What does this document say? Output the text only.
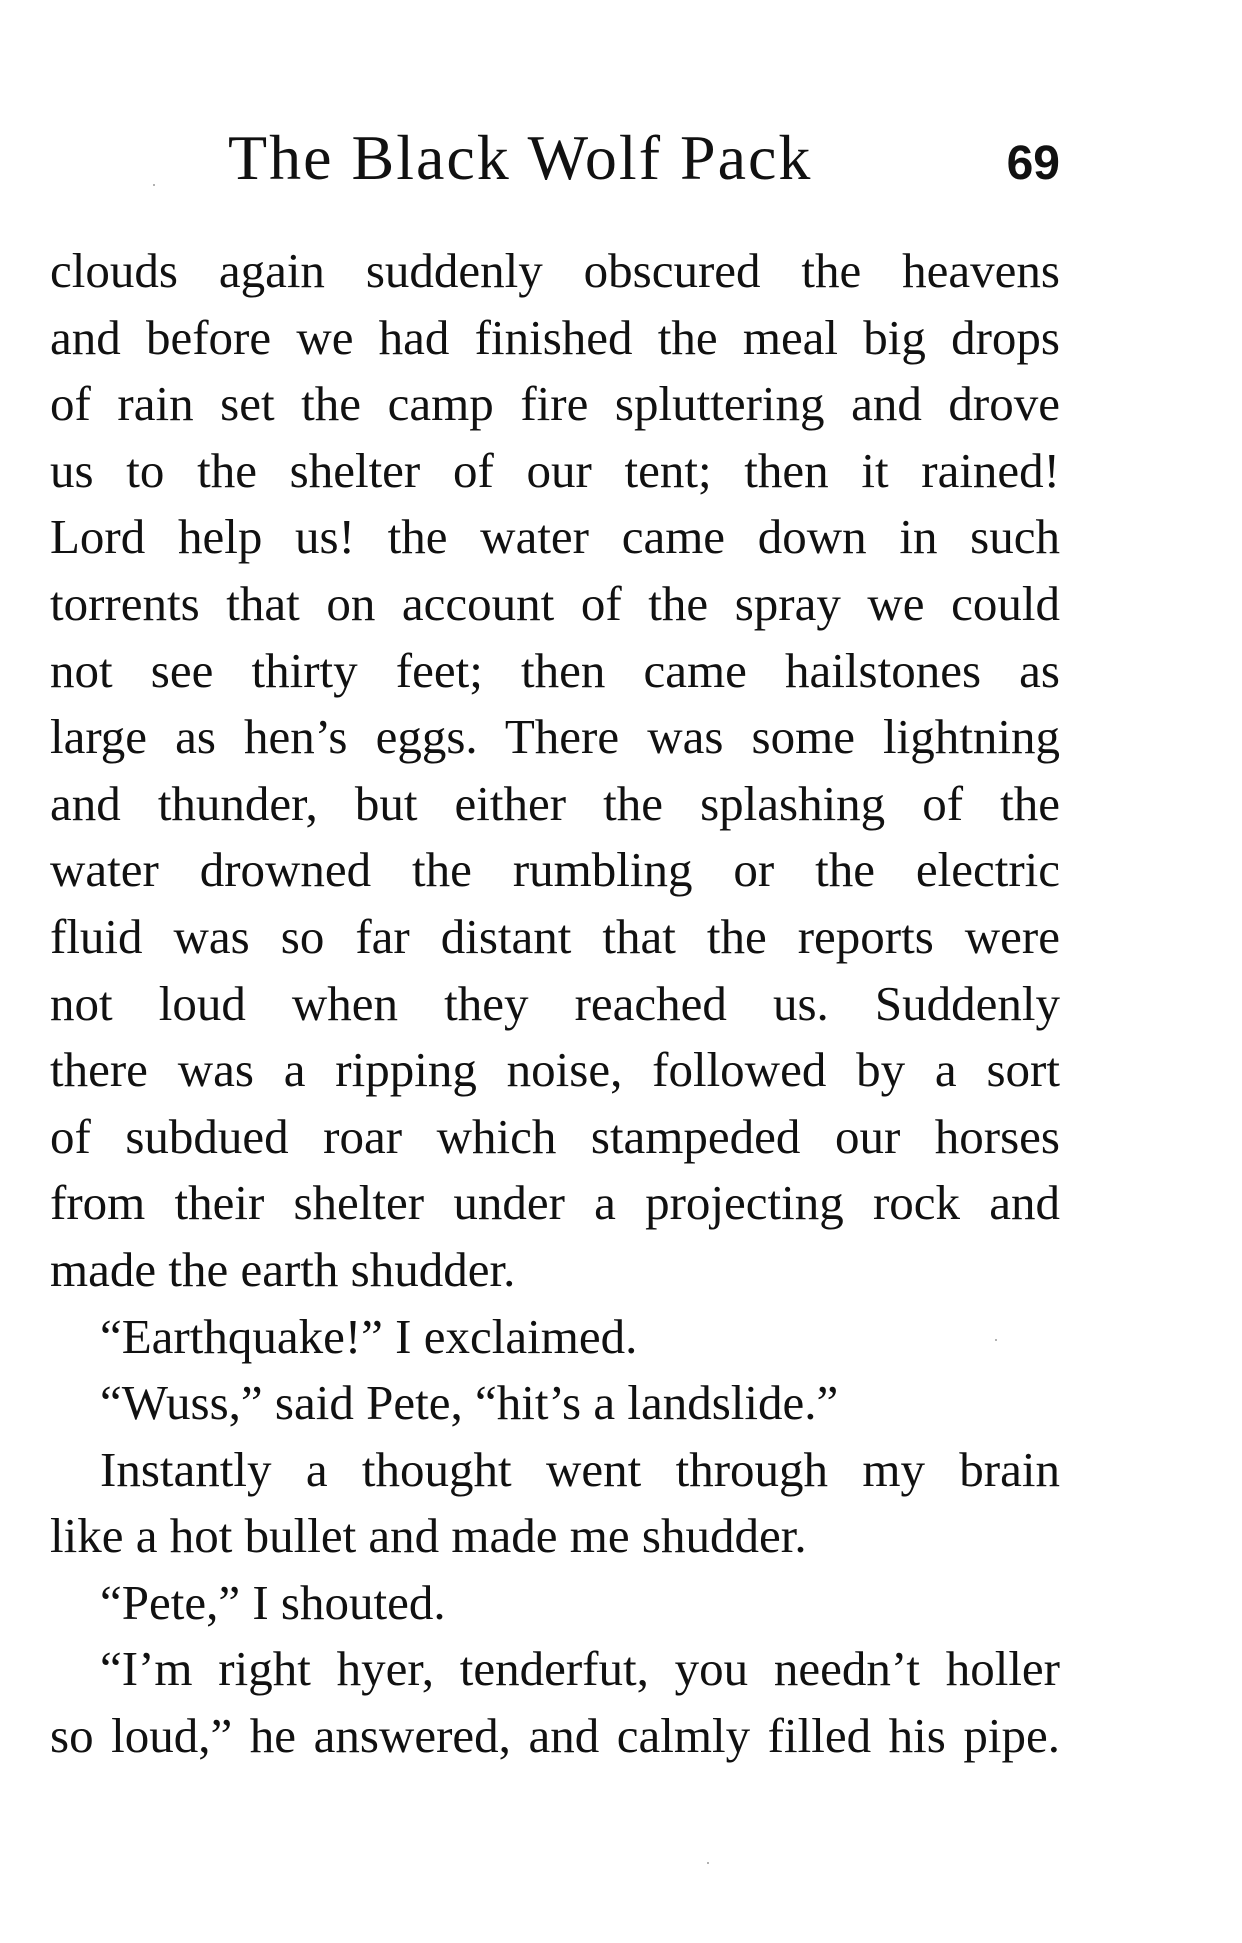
The Black Wolf Pack	69
clouds again suddenly obscured the heavens
and before we had finished the meal big drops
of rain set the camp fire spluttering and drove
us to the shelter of our tent; then it rained!
Lord help us! the water came down in such
torrents that on account of the spray we could
not see thirty feet; then came hailstones as
large as hen’s eggs. There was some lightning
and thunder, but either the splashing of the
water drowned the rumbling or the electric
fluid was so far distant that the reports were
not loud when they reached us. Suddenly
there was a ripping noise, followed by a sort
of subdued roar which stampeded our horses
from their shelter under a projecting rock and
made the earth shudder.
“Earthquake!” I exclaimed.
“Wuss,” said Pete, “hit’s a landslide.”
Instantly a thought went through my brain
like a hot bullet and made me shudder.
“Pete,” I shouted.
“I’m right hyer, tenderfut, you needn’t holler
so loud,” he answered, and calmly filled his pipe.
